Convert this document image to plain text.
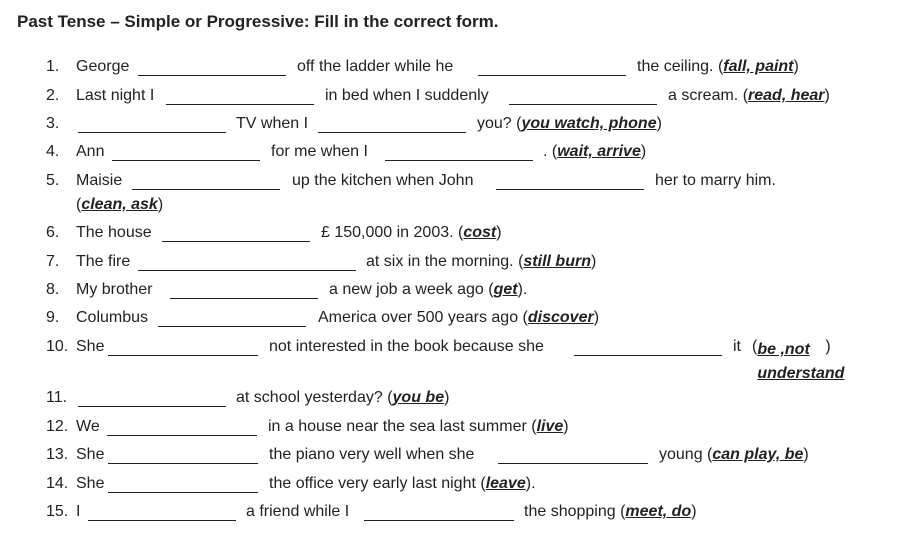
Past Tense – Simple or Progressive: Fill in the correct form.
1. George	off the ladder while he	the ceiling. (fall, paint)
2. Last night I	in bed when I suddenly	a scream. (read, hear)
3.	TV when I	you? (you watch, phone)
4. Ann	for me when I	. (wait, arrive)
5. Maisie	up the kitchen when John	her to marry him.
(clean, ask)
6. The house	£ 150,000 in 2003. (cost)
7. The fire	at six in the morning. (still burn)
8. My brother	a new job a week ago (get).
9. Columbus	America over 500 years ago (discover)
10. She	not interested in the book because she	it (be ,not understand)
11.	at school yesterday? (you be)
12. We	in a house near the sea last summer (live)
13. She	the piano very well when she	young (can play, be)
14. She	the office very early last night (leave).
15. I	a friend while I	the shopping (meet, do)
